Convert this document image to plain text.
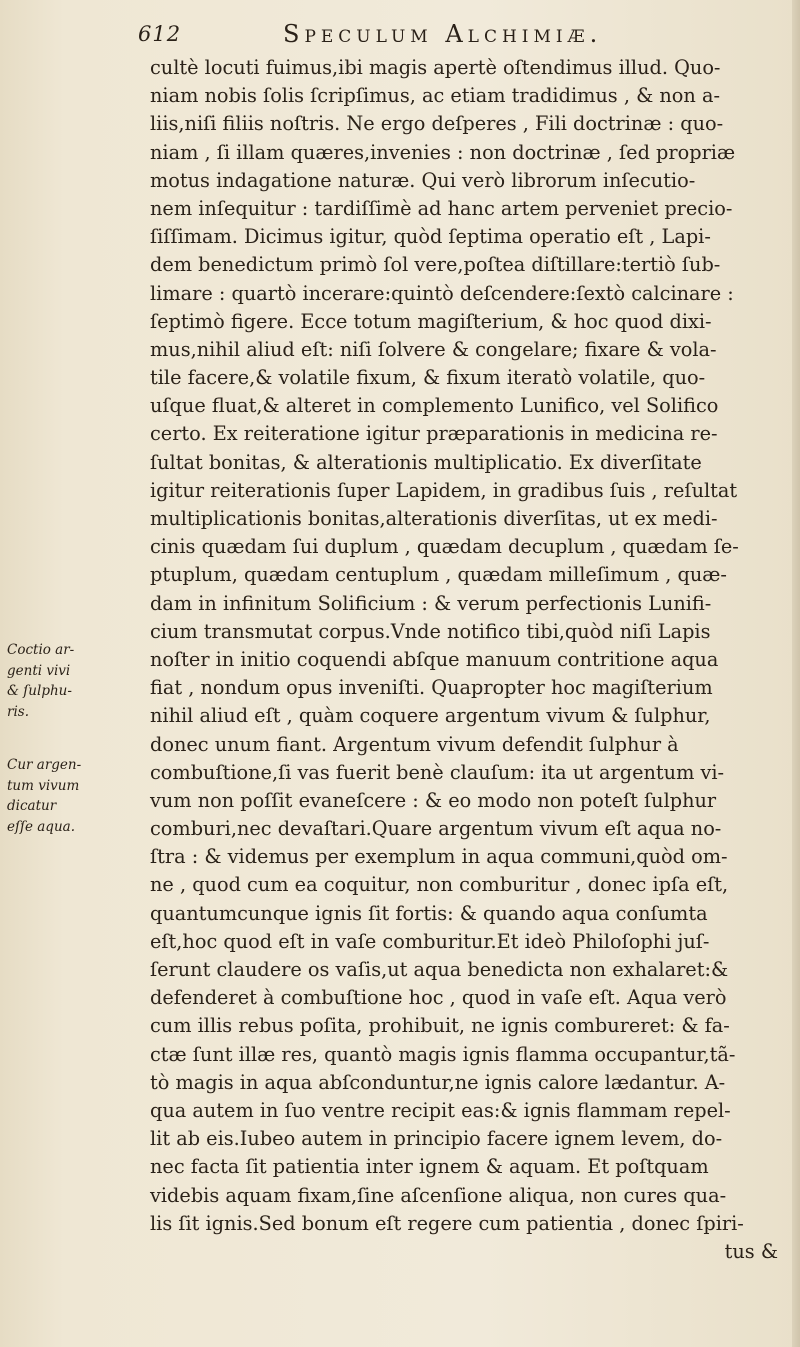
612	Speculum Alchimiæ.
cultè locuti fuimus,ibi magis apertè oſtendimus illud. Quo-
niam nobis ſolis ſcripſimus, ac etiam tradidimus , & non a-
liis,niſi filiis noſtris. Ne ergo deſperes , Fili doctrinæ : quo-
niam , ſi illam quæres,invenies : non doctrinæ , ſed propriæ
motus indagatione naturæ. Qui verò librorum inſecutio-
nem inſequitur : tardiſſimè ad hanc artem perveniet precio-
ſiſſimam. Dicimus igitur, quòd ſeptima operatio eſt , Lapi-
dem benedictum primò ſol vere,poſtea diſtillare:tertiò ſub-
limare : quartò incerare:quintò deſcendere:ſextò calcinare :
ſeptimò figere. Ecce totum magiſterium, & hoc quod dixi-
mus,nihil aliud eſt: niſi ſolvere & congelare; fixare & vola-
tile facere,& volatile fixum, & fixum iteratò volatile, quo-
uſque fluat,& alteret in complemento Lunifico, vel Solifico
certo. Ex reiteratione igitur præparationis in medicina re-
ſultat bonitas, & alterationis multiplicatio. Ex diverſitate
igitur reiterationis ſuper Lapidem, in gradibus ſuis , reſultat
multiplicationis bonitas,alterationis diverſitas, ut ex medi-
cinis quædam ſui duplum , quædam decuplum , quædam ſe-
ptuplum, quædam centuplum , quædam milleſimum , quæ-
dam in infinitum Solificium : & verum perfectionis Lunifi-
cium transmutat corpus.Vnde notifico tibi,quòd niſi Lapis
noſter in initio coquendi abſque manuum contritione aqua
fiat , nondum opus inveniſti. Quapropter hoc magiſterium
nihil aliud eſt , quàm coquere argentum vivum & ſulphur,
donec unum fiant. Argentum vivum defendit ſulphur à
combuſtione,ſi vas fuerit benè clauſum: ita ut argentum vi-
vum non poſſit evaneſcere : & eo modo non poteſt ſulphur
comburi,nec devaſtari.Quare argentum vivum eſt aqua no-
ſtra : & videmus per exemplum in aqua communi,quòd om-
ne , quod cum ea coquitur, non comburitur , donec ipſa eſt,
quantumcunque ignis ſit fortis: & quando aqua conſumta
eſt,hoc quod eſt in vaſe comburitur.Et ideò Philoſophi juſ-
ſerunt claudere os vaſis,ut aqua benedicta non exhalaret:&
defenderet à combuſtione hoc , quod in vaſe eſt. Aqua verò
cum illis rebus poſita, prohibuit, ne ignis combureret: & fa-
ctæ ſunt illæ res, quantò magis ignis flamma occupantur,tã-
tò magis in aqua abſconduntur,ne ignis calore lædantur. A-
qua autem in ſuo ventre recipit eas:& ignis flammam repel-
lit ab eis.Iubeo autem in principio facere ignem levem, do-
nec facta ſit patientia inter ignem & aquam. Et poſtquam
videbis aquam fixam,ſine aſcenſione aliqua, non cures qua-
lis ſit ignis.Sed bonum eſt regere cum patientia , donec ſpiri-
tus &
Coctio ar-
genti vivi
& ſulphu-
ris.
Cur argen-
tum vivum
dicatur
eſſe aqua.
